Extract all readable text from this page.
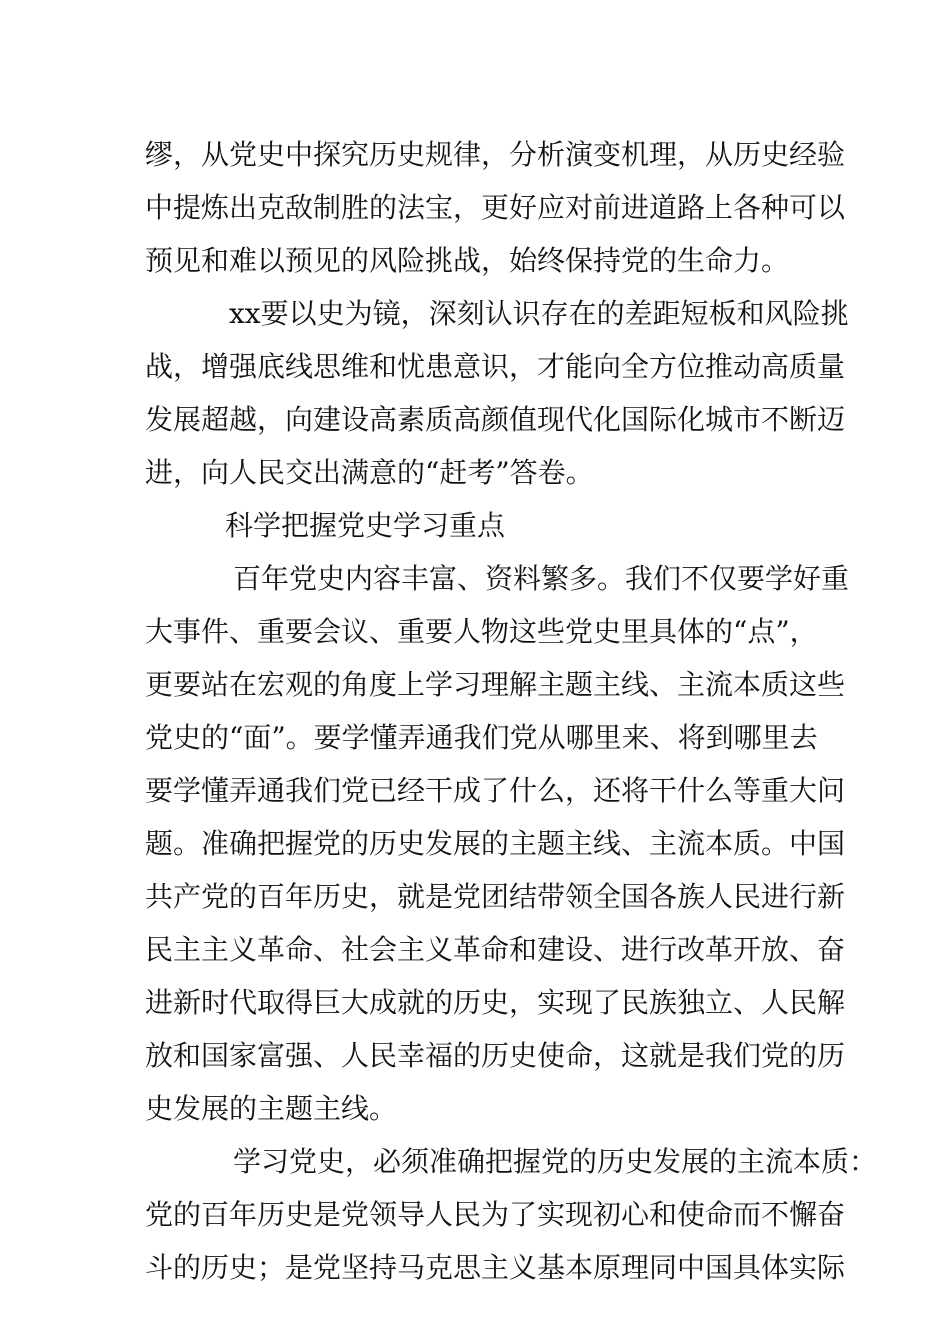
缪，从党史中探究历史规律，分析演变机理，从历史经验
中提炼出克敌制胜的法宝，更好应对前进道路上各种可以
预见和难以预见的风险挑战，始终保持党的生命力。
xx要以史为镜，深刻认识存在的差距短板和风险挑
战，增强底线思维和忧患意识，才能向全方位推动高质量
发展超越，向建设高素质高颜值现代化国际化城市不断迈
进，向人民交出满意的“赶考”答卷。
科学把握党史学习重点
百年党史内容丰富、资料繁多。我们不仅要学好重
大事件、重要会议、重要人物这些党史里具体的“点”，
更要站在宏观的角度上学习理解主题主线、主流本质这些
党史的“面”。要学懂弄通我们党从哪里来、将到哪里去
要学懂弄通我们党已经干成了什么，还将干什么等重大问
题。准确把握党的历史发展的主题主线、主流本质。中国
共产党的百年历史，就是党团结带领全国各族人民进行新
民主主义革命、社会主义革命和建设、进行改革开放、奋
进新时代取得巨大成就的历史，实现了民族独立、人民解
放和国家富强、人民幸福的历史使命，这就是我们党的历
史发展的主题主线。
学习党史，必须准确把握党的历史发展的主流本质：
党的百年历史是党领导人民为了实现初心和使命而不懈奋
斗的历史；是党坚持马克思主义基本原理同中国具体实际
